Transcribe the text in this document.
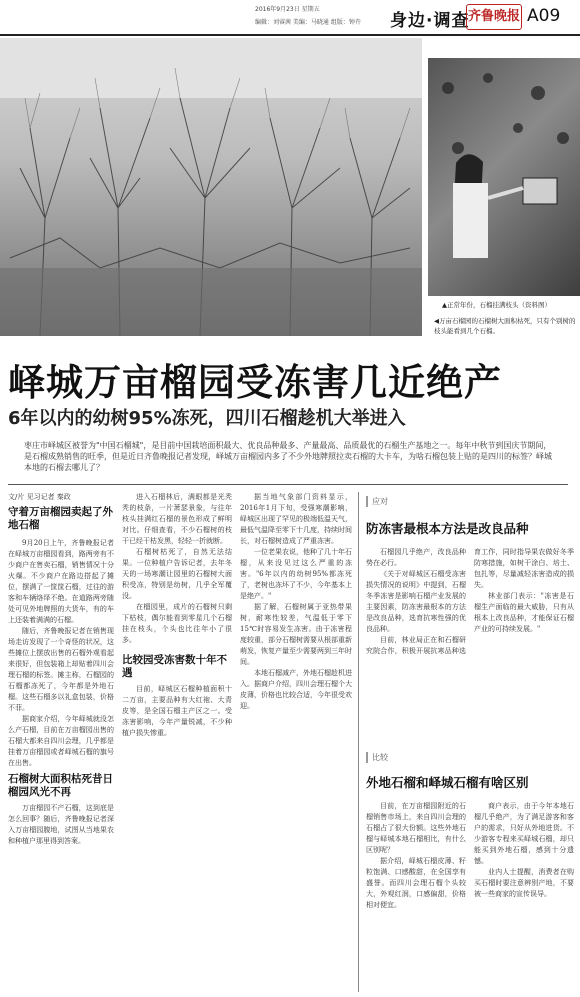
2016年9月23日 星期五
编辑：刘睿茜 美编：马晓通 组版：钟卉 身边·调查
齐鲁晚报 A09
▲正常年份，石榴挂满枝头（资料图）
◀万亩石榴园的石榴树大面积枯死，只有个别树的枝头能看到几个石榴。
峄城万亩榴园受冻害几近绝产
6年以内的幼树95%冻死，四川石榴趁机大举进入
枣庄市峄城区被誉为"中国石榴城"，是目前中国栽培面积最大、优良品种最多、产量最高、品质最优的石榴生产基地之一。每年中秋节到国庆节期间，是石榴成熟销售的旺季，但是近日齐鲁晚报记者发现，峄城万亩榴园内多了不少外地牌照拉卖石榴的大卡车，为啥石榴包装上贴的是四川的标签？峄城本地的石榴去哪儿了？
文/片 见习记者 秦政
守着万亩榴园卖起了外地石榴

9月20日上午，齐鲁晚报记者在峄城万亩榴园看到，路两旁有不少商户在售卖石榴，销售情况十分火爆。不少商户在路边搭起了摊位，摆满了一筐筐石榴，过往的游客和车辆络绎不绝。在道路两旁随处可见外地牌照的大货车，有的车上还装着满满的石榴。

随后，齐鲁晚报记者在销售现场走访发现了一个奇怪的状况，这些摊位上摆放出售的石榴外观看起来很好，但包装箱上却贴着四川会理石榴的标签。摊主称，石榴园的石榴都冻死了，今年都是外地石榴。这些石榴多以礼盒包装，价格不菲。

据商家介绍，今年峄城就没怎么产石榴，目前在万亩榴园出售的石榴大都来自四川会理，几乎都是挂着万亩榴园或者峄城石榴的旗号在出售。

石榴树大面积枯死昔日榴园风光不再

万亩榴园不产石榴，这到底是怎么回事？随后，齐鲁晚报记者深入万亩榴园腹地，试图从当地果农和种植户那里得到答案。

进入石榴林后，满眼都是光秃秃的枝条，一片萧瑟景象，与往年枝头挂满红石榴的景色形成了鲜明对比。仔细查看，不少石榴树的枝干已经干枯发黑，轻轻一折就断。

石榴树枯死了，自然无法结果。一位种植户告诉记者，去年冬天的一场寒潮让园里的石榴树大面积受冻，特别是幼树，几乎全军覆没。

在榴园里，成片的石榴树只剩下枯枝，偶尔能看到零星几个石榴挂在枝头，个头也比往年小了很多。

比较园受冻害数十年不遇

目前，峄城区石榴种植面积十二万亩，主要品种有大红袍、大青皮等，是全国石榴主产区之一。受冻害影响，今年产量锐减，不少种植户损失惨重。

据当地气象部门资料显示，2016年1月下旬，受强寒潮影响，峄城区出现了罕见的极端低温天气，最低气温降至零下十几度，持续时间长，对石榴树造成了严重冻害。

一位老果农说，他种了几十年石榴，从来没见过这么严重的冻害。"6年以内的幼树95%都冻死了，老树也冻坏了不少，今年基本上是绝产。"

据了解，石榴树属于亚热带果树，耐寒性较差，气温低于零下15℃时容易发生冻害。由于冻害程度较重，部分石榴树需要从根部重新萌发，恢复产量至少需要两到三年时间。

本地石榴减产，外地石榴趁机进入。据商户介绍，四川会理石榴个大皮薄，价格也比较合适，今年很受欢迎。

应对
防冻害最根本方法是改良品种

石榴园几乎绝产，改良品种势在必行。

《关于对峄城区石榴受冻害损失情况的说明》中提到，石榴冬季冻害是影响石榴产业发展的主要因素，防冻害最根本的方法是改良品种，选育抗寒性强的优良品种。

目前，林业局正在和石榴研究院合作，积极开展抗寒品种选育工作，同时指导果农做好冬季防寒措施，如树干涂白、培土、包扎等，尽量减轻冻害造成的损失。

林业部门表示："冻害是石榴生产面临的最大威胁，只有从根本上改良品种，才能保证石榴产业的可持续发展。"

比较
外地石榴和峄城石榴有啥区别

目前，在万亩榴园附近的石榴销售市场上，来自四川会理的石榴占了很大份额。这些外地石榴与峄城本地石榴相比，有什么区别呢？

据介绍，峄城石榴皮薄、籽粒饱满、口感酸甜，在全国享有盛誉。而四川会理石榴个头较大，外观红润，口感偏甜，价格相对便宜。

商户表示，由于今年本地石榴几乎绝产，为了满足游客和客户的需求，只好从外地进货。不少游客专程来买峄城石榴，却只能买到外地石榴，感到十分遗憾。

业内人士提醒，消费者在购买石榴时要注意辨别产地，不要被一些商家的宣传误导。
